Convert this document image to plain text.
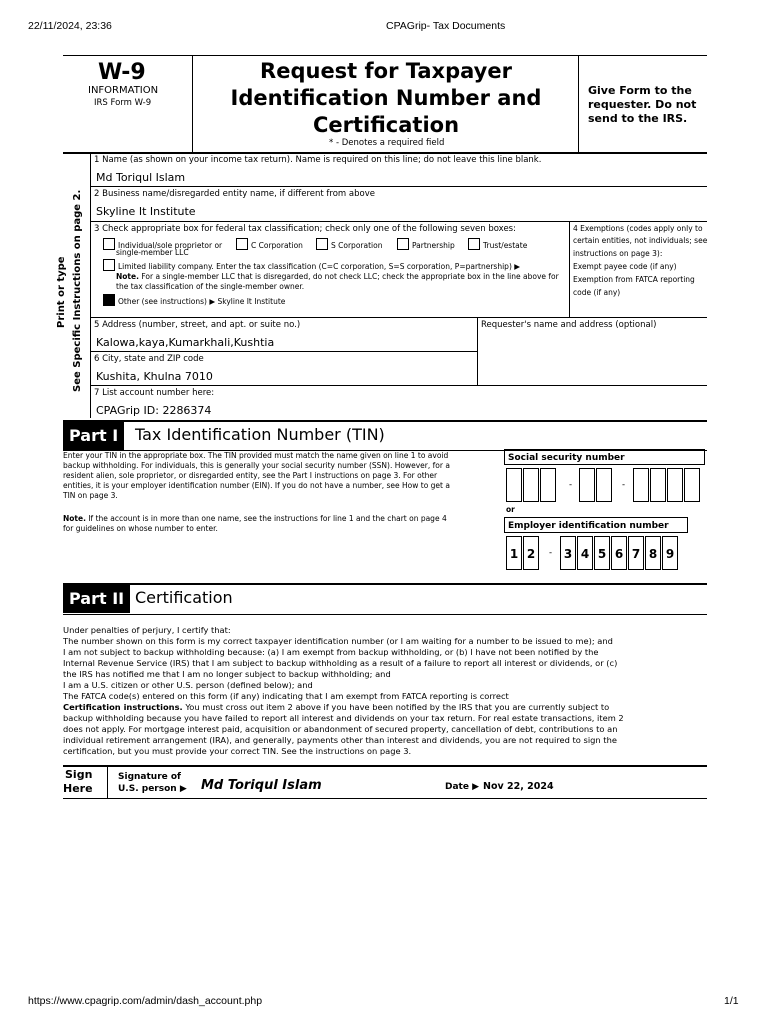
22/11/2024, 23:36	CPAGrip- Tax Documents
W-9
INFORMATION
IRS Form W-9
Request for Taxpayer
Identification Number and
Certification
* - Denotes a required field
Give Form to the
requester. Do not
send to the IRS.
Print or type See Specific Instructions on page 2.
1 Name (as shown on your income tax return). Name is required on this line; do not leave this line blank.
Md Toriqul Islam
2 Business name/disregarded entity name, if different from above
Skyline It Institute
3 Check appropriate box for federal tax classification; check only one of the following seven boxes:
Individual/sole proprietor or
single-member LLC
C Corporation	S Corporation	Partnership	Trust/estate
Limited liability company. Enter the tax classification (C=C corporation, S=S corporation, P=partnership) ▶
Note. For a single-member LLC that is disregarded, do not check LLC; check the appropriate box in the line above for
the tax classification of the single-member owner.
Other (see instructions) ▶ Skyline It Institute
4 Exemptions (codes apply only to
certain entities, not individuals; see
instructions on page 3):
Exempt payee code (if any)
Exemption from FATCA reporting
code (if any)
5 Address (number, street, and apt. or suite no.)
Kalowa,kaya,Kumarkhali,Kushtia
Requester's name and address (optional)
6 City, state and ZIP code
Kushita, Khulna 7010
7 List account number here:
CPAGrip ID: 2286374
Part I	Tax Identification Number (TIN)
Enter your TIN in the appropriate box. The TIN provided must match the name given on line 1 to avoid
backup withholding. For individuals, this is generally your social security number (SSN). However, for a
resident alien, sole proprietor, or disregarded entity, see the Part I instructions on page 3. For other
entities, it is your employer identification number (EIN). If you do not have a number, see How to get a
TIN on page 3.
Note. If the account is in more than one name, see the instructions for line 1 and the chart on page 4
for guidelines on whose number to enter.
Social security number
-	-
or
Employer identification number
1 2	- 3 4 5 6 7 8 9
Part II Certification
Under penalties of perjury, I certify that:
The number shown on this form is my correct taxpayer identification number (or I am waiting for a number to be issued to me); and
I am not subject to backup withholding because: (a) I am exempt from backup withholding, or (b) I have not been notified by the
Internal Revenue Service (IRS) that I am subject to backup withholding as a result of a failure to report all interest or dividends, or (c)
the IRS has notified me that I am no longer subject to backup withholding; and
I am a U.S. citizen or other U.S. person (defined below); and
The FATCA code(s) entered on this form (if any) indicating that I am exempt from FATCA reporting is correct
Certification instructions. You must cross out item 2 above if you have been notified by the IRS that you are currently subject to
backup withholding because you have failed to report all interest and dividends on your tax return. For real estate transactions, item 2
does not apply. For mortgage interest paid, acquisition or abandonment of secured property, cancellation of debt, contributions to an
individual retirement arrangement (IRA), and generally, payments other than interest and dividends, you are not required to sign the
certification, but you must provide your correct TIN. See the instructions on page 3.
Sign
Here
Signature of
U.S. person ▶ Md Toriqul Islam	Date ▶ Nov 22, 2024
https://www.cpagrip.com/admin/dash_account.php	1/1
